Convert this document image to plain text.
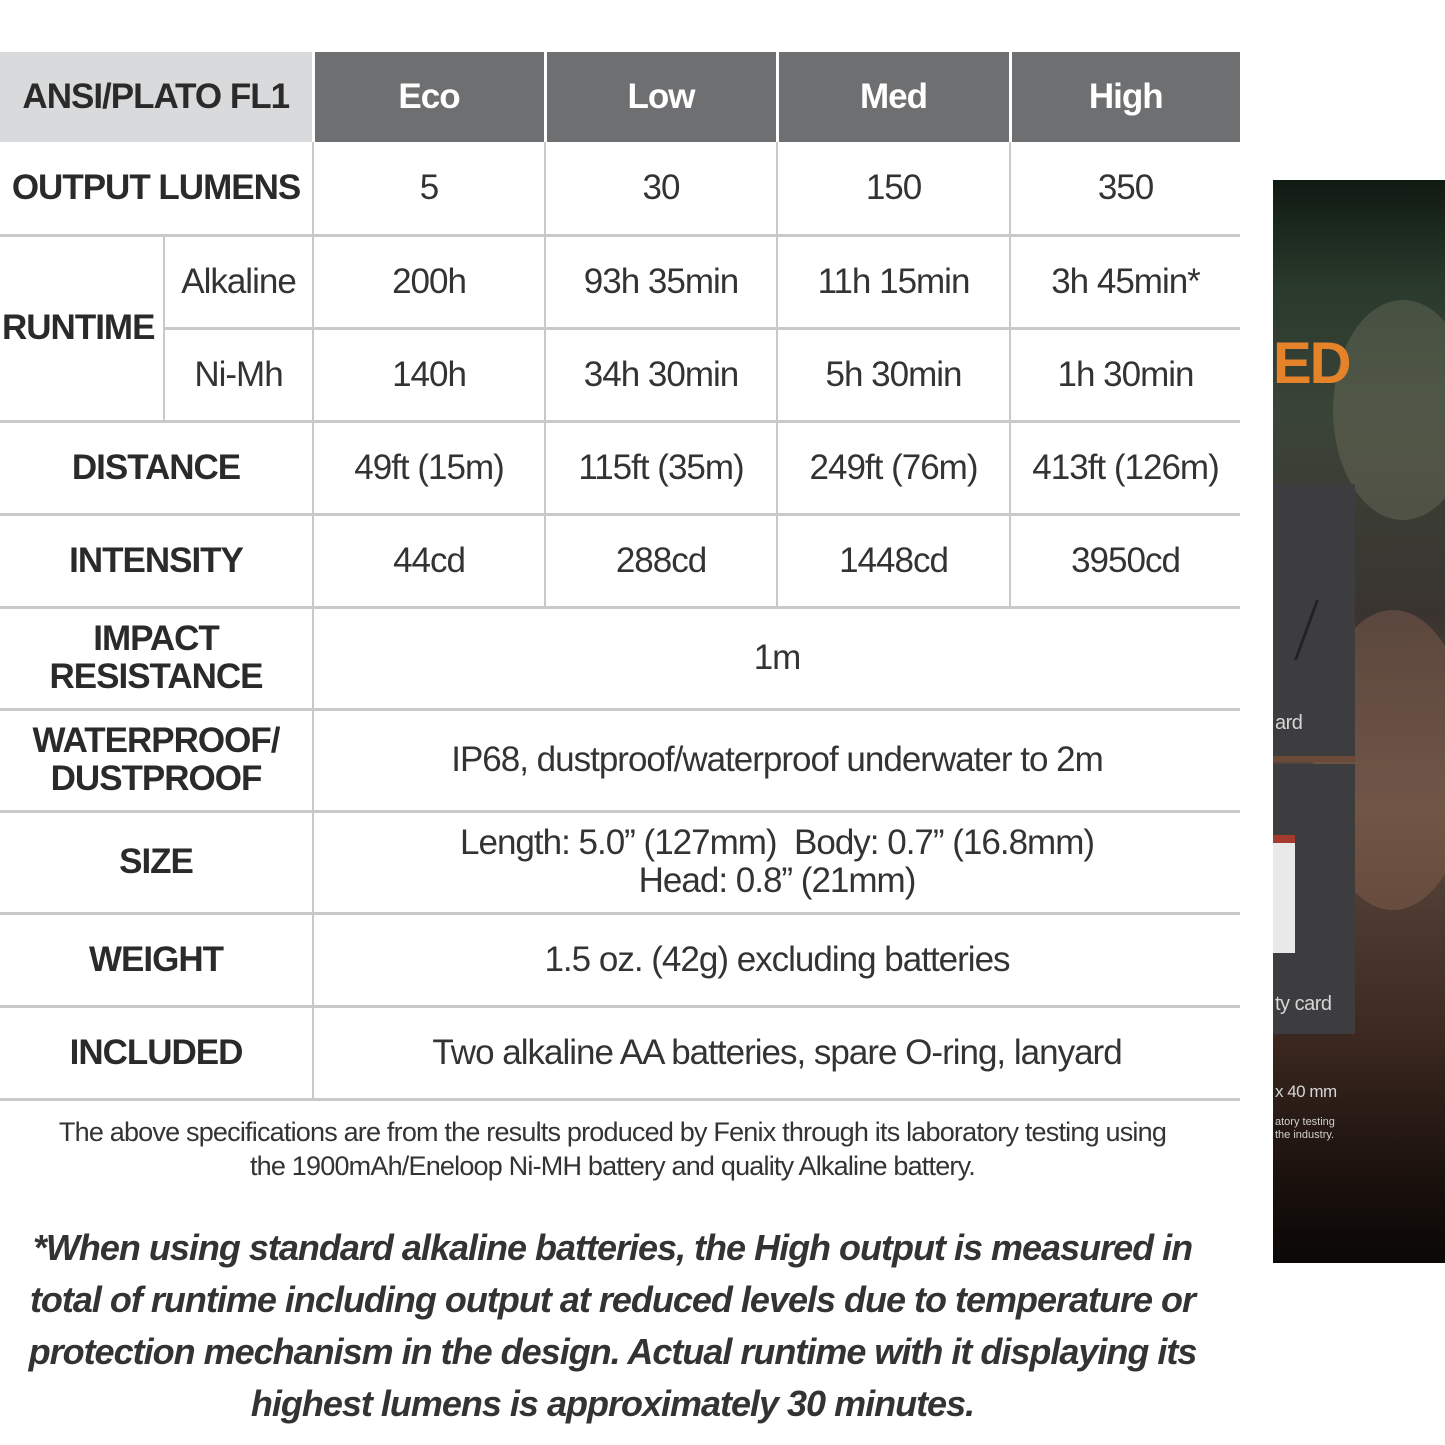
ANSI/PLATO FL1		Eco	Low	Med	High
OUTPUT LUMENS		5	30	150	350
RUNTIME	Alkaline	200h	93h 35min	11h 15min	3h 45min*
	Ni-Mh	140h	34h 30min	5h 30min	1h 30min
DISTANCE		49ft (15m)	115ft (35m)	249ft (76m)	413ft (126m)
INTENSITY		44cd	288cd	1448cd	3950cd
IMPACT
RESISTANCE		1m			
WATERPROOF/
DUSTPROOF		IP68, dustproof/waterproof underwater to 2m			
SIZE		Length: 5.0” (127mm)  Body: 0.7” (16.8mm)
Head: 0.8” (21mm)			
WEIGHT		1.5 oz. (42g) excluding batteries			
INCLUDED		Two alkaline AA batteries, spare O-ring, lanyard			
The above specifications are from the results produced by Fenix through its laboratory testing using
the 1900mAh/Eneloop Ni-MH battery and quality Alkaline battery.
*When using standard alkaline batteries, the High output is measured in
total of runtime including output at reduced levels due to temperature or
protection mechanism in the design. Actual runtime with it displaying its
highest lumens is approximately 30 minutes.
ED
ard
ty card
x 40 mm
atory testing
the industry.
